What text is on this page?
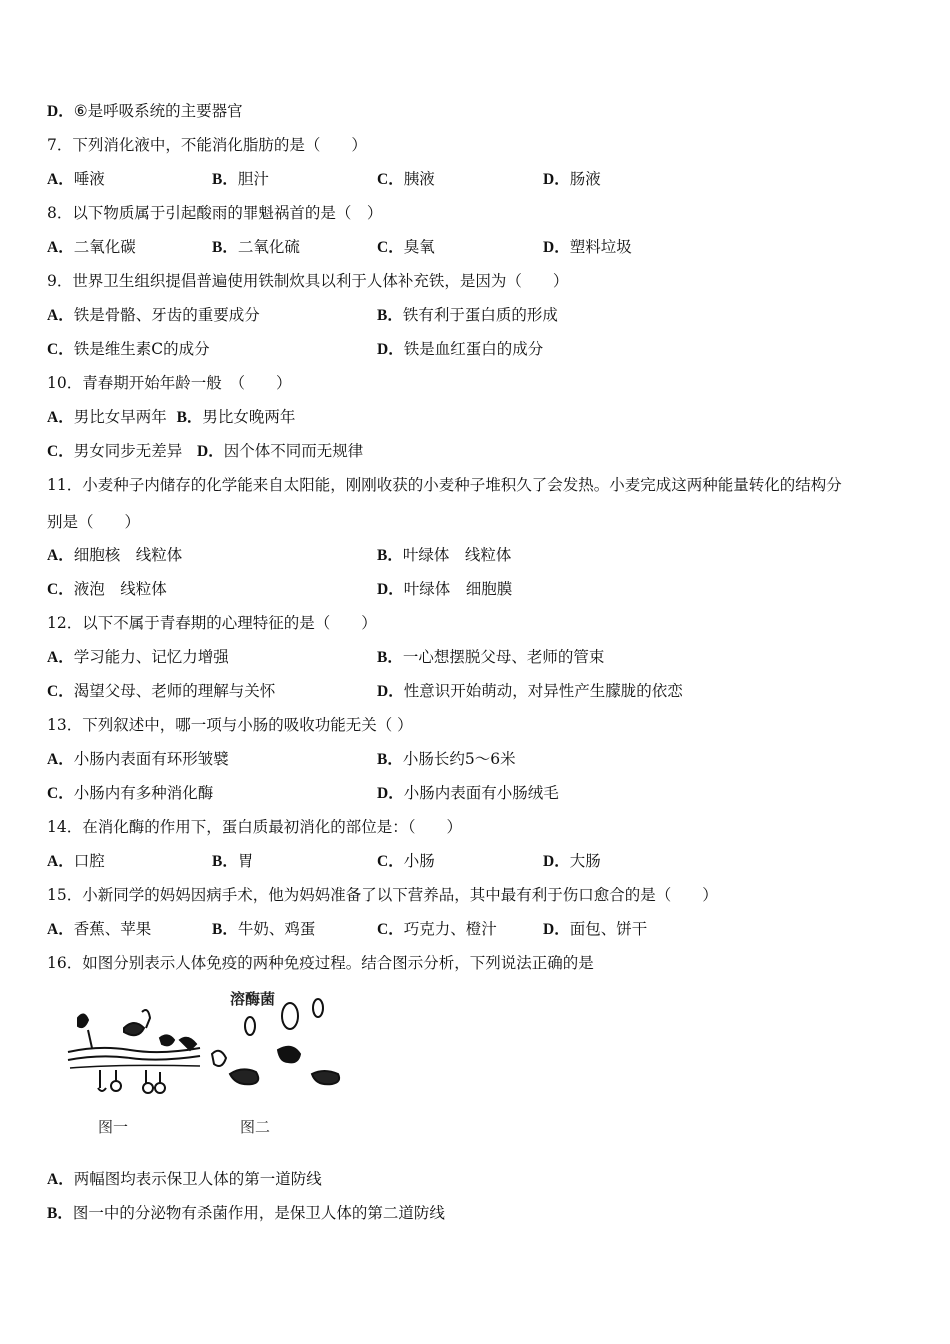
D．⑥是呼吸系统的主要器官
7．下列消化液中，不能消化脂肪的是（　　）
A．唾液	B．胆汁	C．胰液	D．肠液
8．以下物质属于引起酸雨的罪魁祸首的是（　）
A．二氧化碳	B．二氧化硫	C．臭氧	D．塑料垃圾
9．世界卫生组织提倡普遍使用铁制炊具以利于人体补充铁，是因为（　　）
A．铁是骨骼、牙齿的重要成分	B．铁有利于蛋白质的形成
C．铁是维生素C的成分	D．铁是血红蛋白的成分
10．青春期开始年龄一般　（　　）
A．男比女早两年 B．男比女晚两年
C．男女同步无差异 D．因个体不同而无规律
11．小麦种子内储存的化学能来自太阳能，刚刚收获的小麦种子堆积久了会发热。小麦完成这两种能量转化的结构分
别是（　　）
A．细胞核　线粒体	B．叶绿体　线粒体
C．液泡　线粒体	D．叶绿体　细胞膜
12．以下不属于青春期的心理特征的是（　　）
A．学习能力、记忆力增强	B．一心想摆脱父母、老师的管束
C．渴望父母、老师的理解与关怀	D．性意识开始萌动，对异性产生朦胧的依恋
13．下列叙述中，哪一项与小肠的吸收功能无关（ ）
A．小肠内表面有环形皱襞	B．小肠长约5～6米
C．小肠内有多种消化酶	D．小肠内表面有小肠绒毛
14．在消化酶的作用下，蛋白质最初消化的部位是：（　　）
A．口腔	B．胃	C．小肠	D．大肠
15．小新同学的妈妈因病手术，他为妈妈准备了以下营养品，其中最有利于伤口愈合的是（　　）
A．香蕉、苹果	B．牛奶、鸡蛋	C．巧克力、橙汁	D．面包、饼干
16．如图分别表示人体免疫的两种免疫过程。结合图示分析，下列说法正确的是
溶酶菌
图一	图二
A．两幅图均表示保卫人体的第一道防线
B．图一中的分泌物有杀菌作用，是保卫人体的第二道防线
